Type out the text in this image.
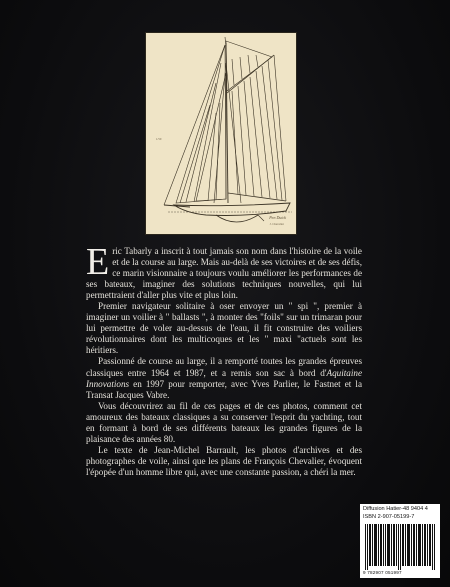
1/50
Pen Duick
J. Chevalier

Eric Tabarly a inscrit à tout jamais son nom dans l'histoire de la voile et de la course au large. Mais au-delà de ses victoires et de ses défis, ce marin visionnaire a toujours voulu améliorer les performances de ses bateaux, imaginer des solutions techniques nouvelles, qui lui permettraient d'aller plus vite et plus loin.

Premier navigateur solitaire à oser envoyer un " spi ", premier à imaginer un voilier à " ballasts ", à monter des "foils" sur un trimaran pour lui permettre de voler au-dessus de l'eau, il fit construire des voiliers révolutionnaires dont les multicoques et les " maxi "actuels sont les héritiers.

Passionné de course au large, il a remporté toutes les grandes épreuves classiques entre 1964 et 1987, et a remis son sac à bord d'Aquitaine Innovations en 1997 pour remporter, avec Yves Parlier, le Fastnet et la Transat Jacques Vabre.

Vous découvrirez au fil de ces pages et de ces photos, comment cet amoureux des bateaux classiques a su conserver l'esprit du yachting, tout en formant à bord de ses différents bateaux les grandes figures de la plaisance des années 80.

Le texte de Jean-Michel Barrault, les photos d'archives et des photographes de voile, ainsi que les plans de François Chevalier, évoquent l'épopée d'un homme libre qui, avec une constante passion, a chéri la mer.

Diffusion Hatier-48 9404 4
ISBN 2-907-05199-7
9 782907 051997
